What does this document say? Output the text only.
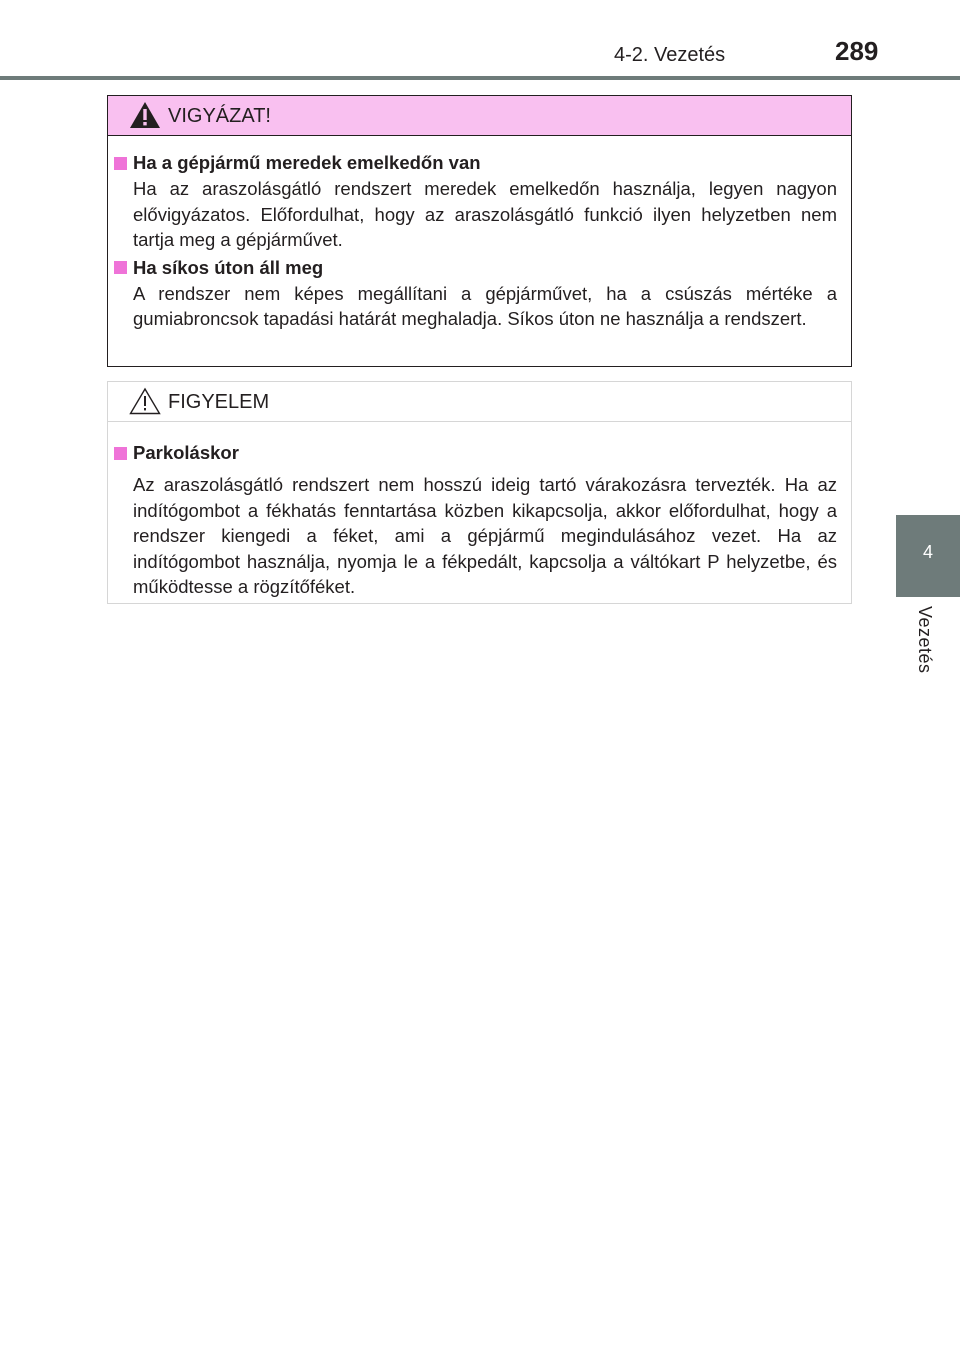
4-2. Vezetés	289
4
Vezetés
VIGYÁZAT!
Ha a gépjármű meredek emelkedőn van
Ha az araszolásgátló rendszert meredek emelkedőn használja, legyen nagyon elővigyázatos. Előfordulhat, hogy az araszolásgátló funkció ilyen helyzetben nem tartja meg a gépjárművet.
Ha síkos úton áll meg
A rendszer nem képes megállítani a gépjárművet, ha a csúszás mértéke a gumiabroncsok tapadási határát meghaladja. Síkos úton ne használja a rendszert.
FIGYELEM
Parkoláskor
Az araszolásgátló rendszert nem hosszú ideig tartó várakozásra tervezték. Ha az indítógombot a fékhatás fenntartása közben kikapcsolja, akkor előfordulhat, hogy a rendszer kiengedi a féket, ami a gépjármű megindulásához vezet. Ha az indítógombot használja, nyomja le a fékpedált, kapcsolja a váltókart P helyzetbe, és működtesse a rögzítőféket.
